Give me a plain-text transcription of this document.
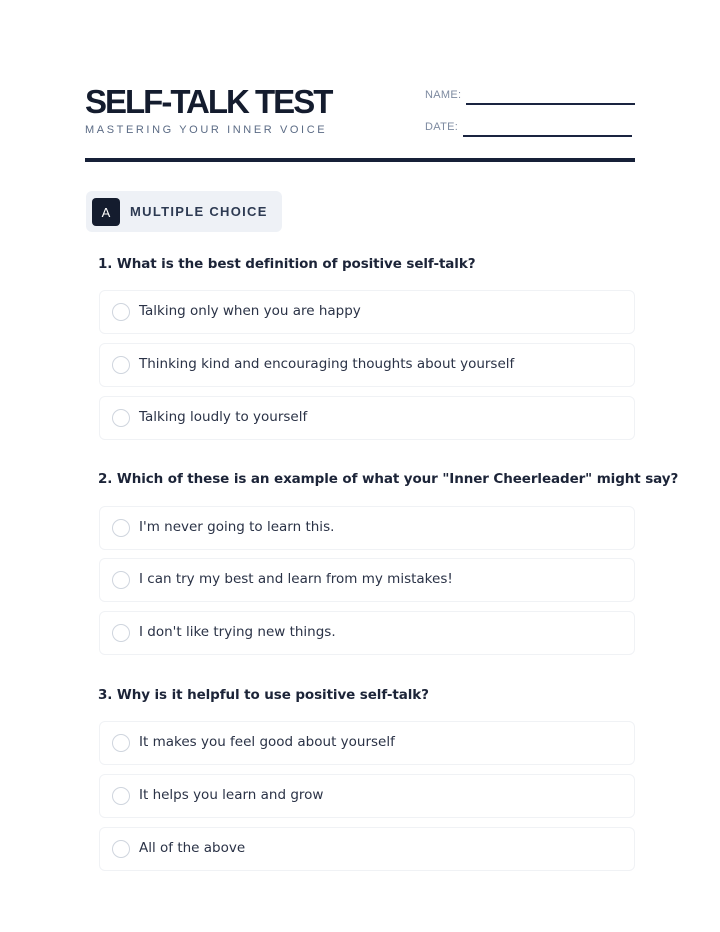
SELF-TALK TEST
MASTERING YOUR INNER VOICE
NAME:
DATE:
A	MULTIPLE CHOICE
1. What is the best definition of positive self-talk?
Talking only when you are happy
Thinking kind and encouraging thoughts about yourself
Talking loudly to yourself
2. Which of these is an example of what your "Inner Cheerleader" might say?
I'm never going to learn this.
I can try my best and learn from my mistakes!
I don't like trying new things.
3. Why is it helpful to use positive self-talk?
It makes you feel good about yourself
It helps you learn and grow
All of the above
